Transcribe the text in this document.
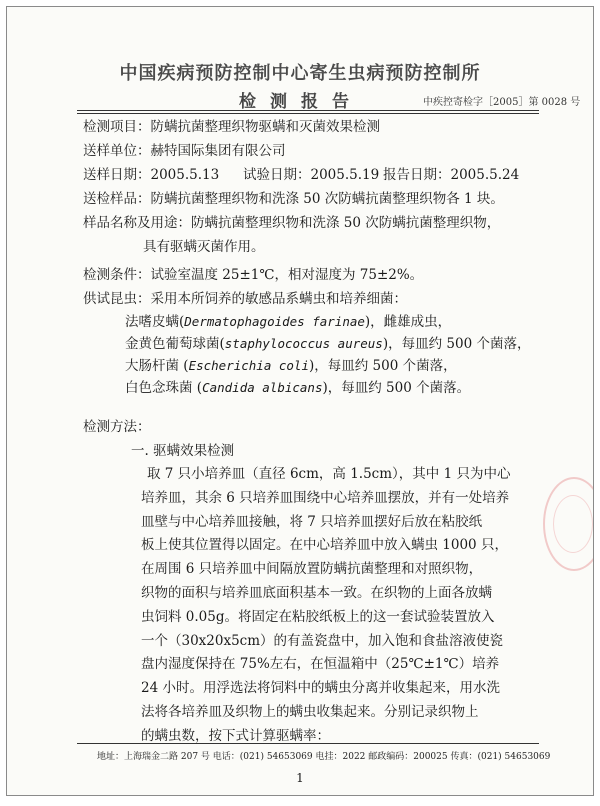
中国疾病预防控制中心寄生虫病预防控制所
检测报告	中疾控寄检字［2005］第 0028 号
检测项目：防螨抗菌整理织物驱螨和灭菌效果检测
送样单位：赫特国际集团有限公司
送样日期：2005.5.13 试验日期：2005.5.19 报告日期：2005.5.24
送检样品：防螨抗菌整理织物和洗涤 50 次防螨抗菌整理织物各 1 块。
样品名称及用途：防螨抗菌整理织物和洗涤 50 次防螨抗菌整理织物，
具有驱螨灭菌作用。
检测条件：试验室温度 25±1℃，相对湿度为 75±2%。
供试昆虫：采用本所饲养的敏感品系螨虫和培养细菌：
法嗜皮螨(Dermatophagoides farinae)，雌雄成虫，
金黄色葡萄球菌(staphylococcus aureus)，每皿约 500 个菌落，
大肠杆菌 (Escherichia coli)，每皿约 500 个菌落，
白色念珠菌 (Candida albicans)，每皿约 500 个菌落。
检测方法：
一. 驱螨效果检测
取 7 只小培养皿（直径 6cm，高 1.5cm），其中 1 只为中心
培养皿，其余 6 只培养皿围绕中心培养皿摆放，并有一处培养
皿壁与中心培养皿接触，将 7 只培养皿摆好后放在粘胶纸
板上使其位置得以固定。在中心培养皿中放入螨虫 1000 只，
在周围 6 只培养皿中间隔放置防螨抗菌整理和对照织物，
织物的面积与培养皿底面积基本一致。在织物的上面各放螨
虫饲料 0.05g。将固定在粘胶纸板上的这一套试验装置放入
一个（30x20x5cm）的有盖瓷盘中，加入饱和食盐溶液使瓷
盘内湿度保持在 75%左右，在恒温箱中（25℃±1℃）培养
24 小时。用浮选法将饲料中的螨虫分离并收集起来，用水洗
法将各培养皿及织物上的螨虫收集起来。分别记录织物上
的螨虫数，按下式计算驱螨率：
地址：上海瑞金二路 207 号 电话：(021) 54653069 电挂：2022 邮政编码：200025 传真：(021) 54653069
1
